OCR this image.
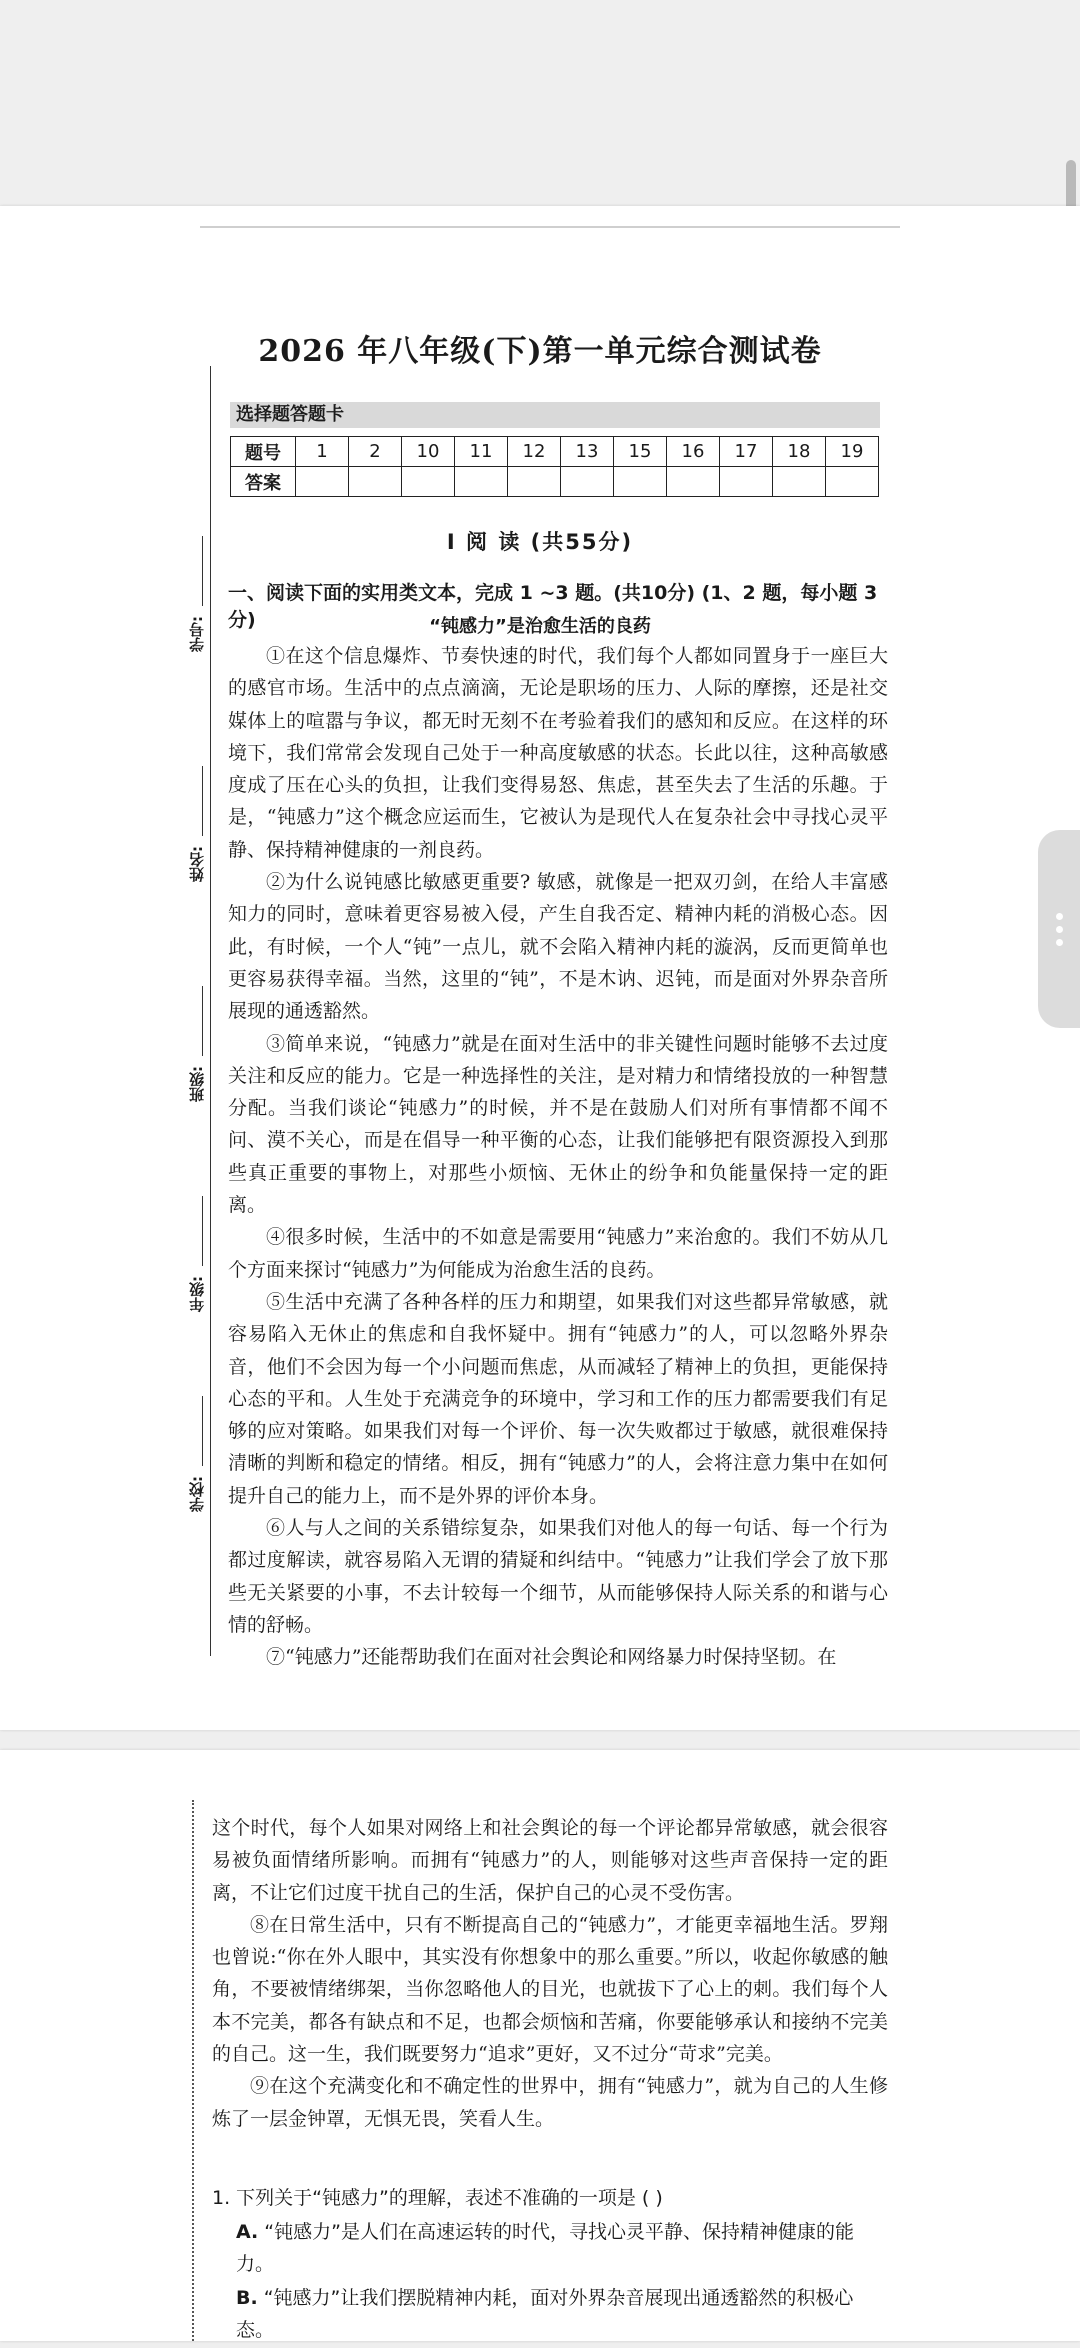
2026 年八年级(下)第一单元综合测试卷
选择题答题卡
题号	1	2	10	11	12	13	15	16	17	18	19
答案											
Ⅰ 阅 读 (共55分)
一、阅读下面的实用类文本，完成 1 ~3 题。(共10分) (1、2 题，每小题 3 分)	“钝感力”是治愈生活的良药
学号:
姓名:
班级:
年级:
学校:

①在这个信息爆炸、节奏快速的时代，我们每个人都如同置身于一座巨大的感官市场。生活中的点点滴滴，无论是职场的压力、人际的摩擦，还是社交媒体上的喧嚣与争议，都无时无刻不在考验着我们的感知和反应。在这样的环境下，我们常常会发现自己处于一种高度敏感的状态。长此以往，这种高敏感度成了压在心头的负担，让我们变得易怒、焦虑，甚至失去了生活的乐趣。于是，“钝感力”这个概念应运而生，它被认为是现代人在复杂社会中寻找心灵平静、保持精神健康的一剂良药。

②为什么说钝感比敏感更重要? 敏感，就像是一把双刃剑，在给人丰富感知力的同时，意味着更容易被入侵，产生自我否定、精神内耗的消极心态。因此，有时候，一个人“钝”一点儿，就不会陷入精神内耗的漩涡，反而更简单也更容易获得幸福。当然，这里的“钝”，不是木讷、迟钝，而是面对外界杂音所展现的通透豁然。

③简单来说，“钝感力”就是在面对生活中的非关键性问题时能够不去过度关注和反应的能力。它是一种选择性的关注，是对精力和情绪投放的一种智慧分配。当我们谈论“钝感力”的时候，并不是在鼓励人们对所有事情都不闻不问、漠不关心，而是在倡导一种平衡的心态，让我们能够把有限资源投入到那些真正重要的事物上，对那些小烦恼、无休止的纷争和负能量保持一定的距离。

④很多时候，生活中的不如意是需要用“钝感力”来治愈的。我们不妨从几个方面来探讨“钝感力”为何能成为治愈生活的良药。

⑤生活中充满了各种各样的压力和期望，如果我们对这些都异常敏感，就容易陷入无休止的焦虑和自我怀疑中。拥有“钝感力”的人，可以忽略外界杂音，他们不会因为每一个小问题而焦虑，从而减轻了精神上的负担，更能保持心态的平和。人生处于充满竞争的环境中，学习和工作的压力都需要我们有足够的应对策略。如果我们对每一个评价、每一次失败都过于敏感，就很难保持清晰的判断和稳定的情绪。相反，拥有“钝感力”的人，会将注意力集中在如何提升自己的能力上，而不是外界的评价本身。

⑥人与人之间的关系错综复杂，如果我们对他人的每一句话、每一个行为都过度解读，就容易陷入无谓的猜疑和纠结中。“钝感力”让我们学会了放下那些无关紧要的小事，不去计较每一个细节，从而能够保持人际关系的和谐与心情的舒畅。

⑦“钝感力”还能帮助我们在面对社会舆论和网络暴力时保持坚韧。在

这个时代，每个人如果对网络上和社会舆论的每一个评论都异常敏感，就会很容易被负面情绪所影响。而拥有“钝感力”的人，则能够对这些声音保持一定的距离，不让它们过度干扰自己的生活，保护自己的心灵不受伤害。

⑧在日常生活中，只有不断提高自己的“钝感力”，才能更幸福地生活。罗翔也曾说:“你在外人眼中，其实没有你想象中的那么重要。”所以，收起你敏感的触角，不要被情绪绑架，当你忽略他人的目光，也就拔下了心上的刺。我们每个人本不完美，都各有缺点和不足，也都会烦恼和苦痛，你要能够承认和接纳不完美的自己。这一生，我们既要努力“追求”更好，又不过分“苛求”完美。

⑨在这个充满变化和不确定性的世界中，拥有“钝感力”，就为自己的人生修炼了一层金钟罩，无惧无畏，笑看人生。

1. 下列关于“钝感力”的理解，表述不准确的一项是 ( )
A. “钝感力”是人们在高速运转的时代，寻找心灵平静、保持精神健康的能力。
B. “钝感力”让我们摆脱精神内耗，面对外界杂音展现出通透豁然的积极心态。
